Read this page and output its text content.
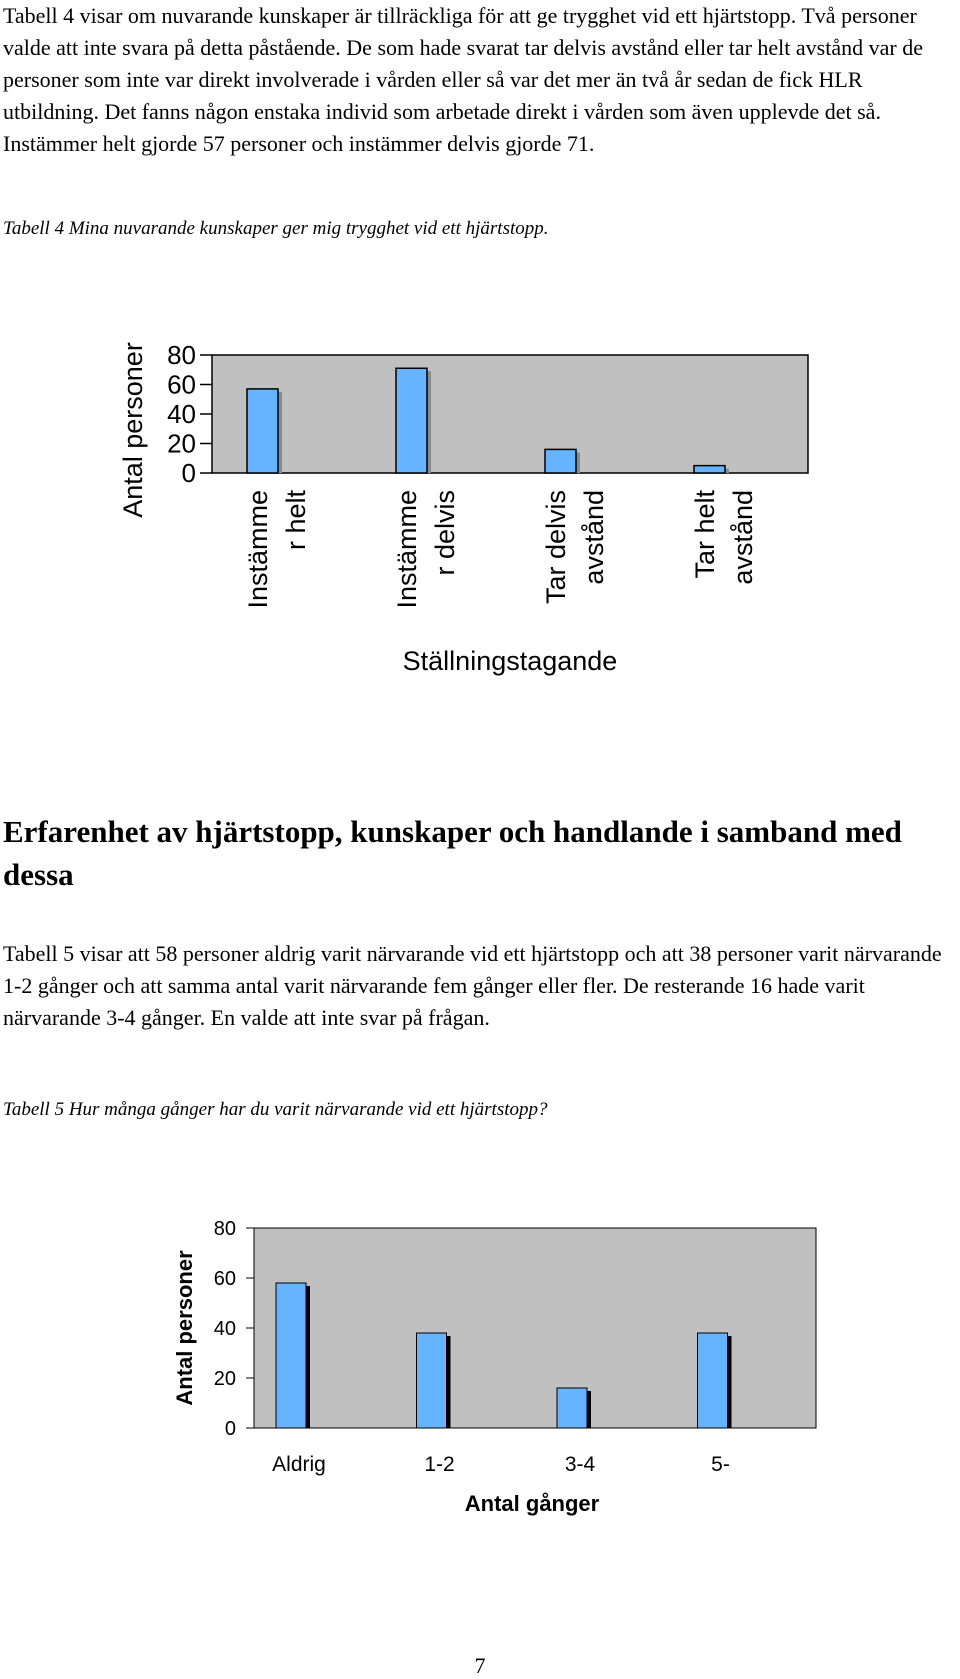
Tabell 4 visar om nuvarande kunskaper är tillräckliga för att ge trygghet vid ett hjärtstopp. Två personer valde att inte svara på detta påstående. De som hade svarat tar delvis avstånd eller tar helt avstånd var de personer som inte var direkt involverade i vården eller så var det mer än två år sedan de fick HLR utbildning. Det fanns någon enstaka individ som arbetade direkt i vården som även upplevde det så. Instämmer helt gjorde 57 personer och instämmer delvis gjorde 71.

Tabell 4 Mina nuvarande kunskaper ger mig trygghet vid ett hjärtstopp.

80
60
40
20
0
Instämme r helt	Instämme r delvis	Tar delvis avstånd	Tar helt avstånd
Antal personer
Ställningstagande

Erfarenhet av hjärtstopp, kunskaper och handlande i samband med dessa

Tabell 5 visar att 58 personer aldrig varit närvarande vid ett hjärtstopp och att 38 personer varit närvarande 1-2 gånger och att samma antal varit närvarande fem gånger eller fler. De resterande 16 hade varit närvarande 3-4 gånger. En valde att inte svar på frågan.

Tabell 5 Hur många gånger har du varit närvarande vid ett hjärtstopp?

80
60
40
20
0
Aldrig	1-2	3-4	5-
Antal personer
Antal gånger
7
